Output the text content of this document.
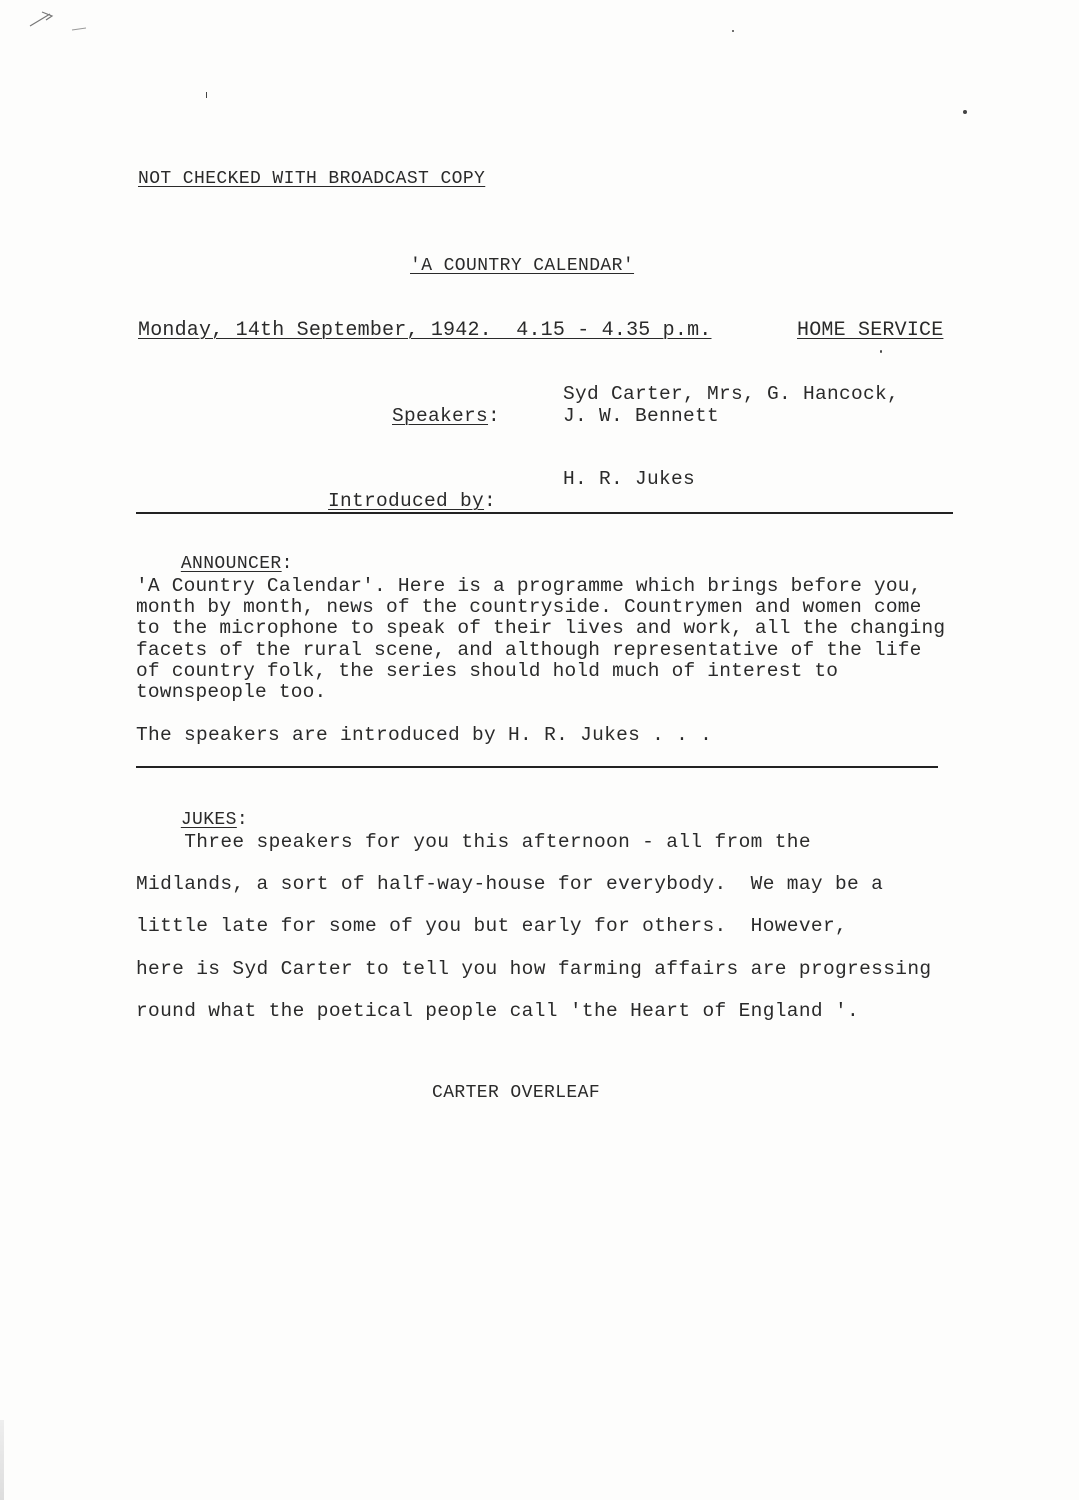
NOT CHECKED WITH BROADCAST COPY
'A COUNTRY CALENDAR'
Monday, 14th September, 1942.  4.15 - 4.35 p.m.	HOME SERVICE

Speakers:

Syd Carter, Mrs, G. Hancock,
J. W. Bennett

Introduced by:

H. R. Jukes

ANNOUNCER:

'A Country Calendar'. Here is a programme which brings before you, month by month, news of the countryside. Countrymen and women come to the microphone to speak of their lives and work, all the changing facets of the rural scene, and although representative of the life of country folk, the series should hold much of interest to townspeople too.
The speakers are introduced by H. R. Jukes . . .

JUKES:

Three speakers for you this afternoon - all from the
Midlands, a sort of half-way-house for everybody.  We may be a
little late for some of you but early for others.  However,
here is Syd Carter to tell you how farming affairs are progressing
round what the poetical people call 'the Heart of England '.
CARTER OVERLEAF
